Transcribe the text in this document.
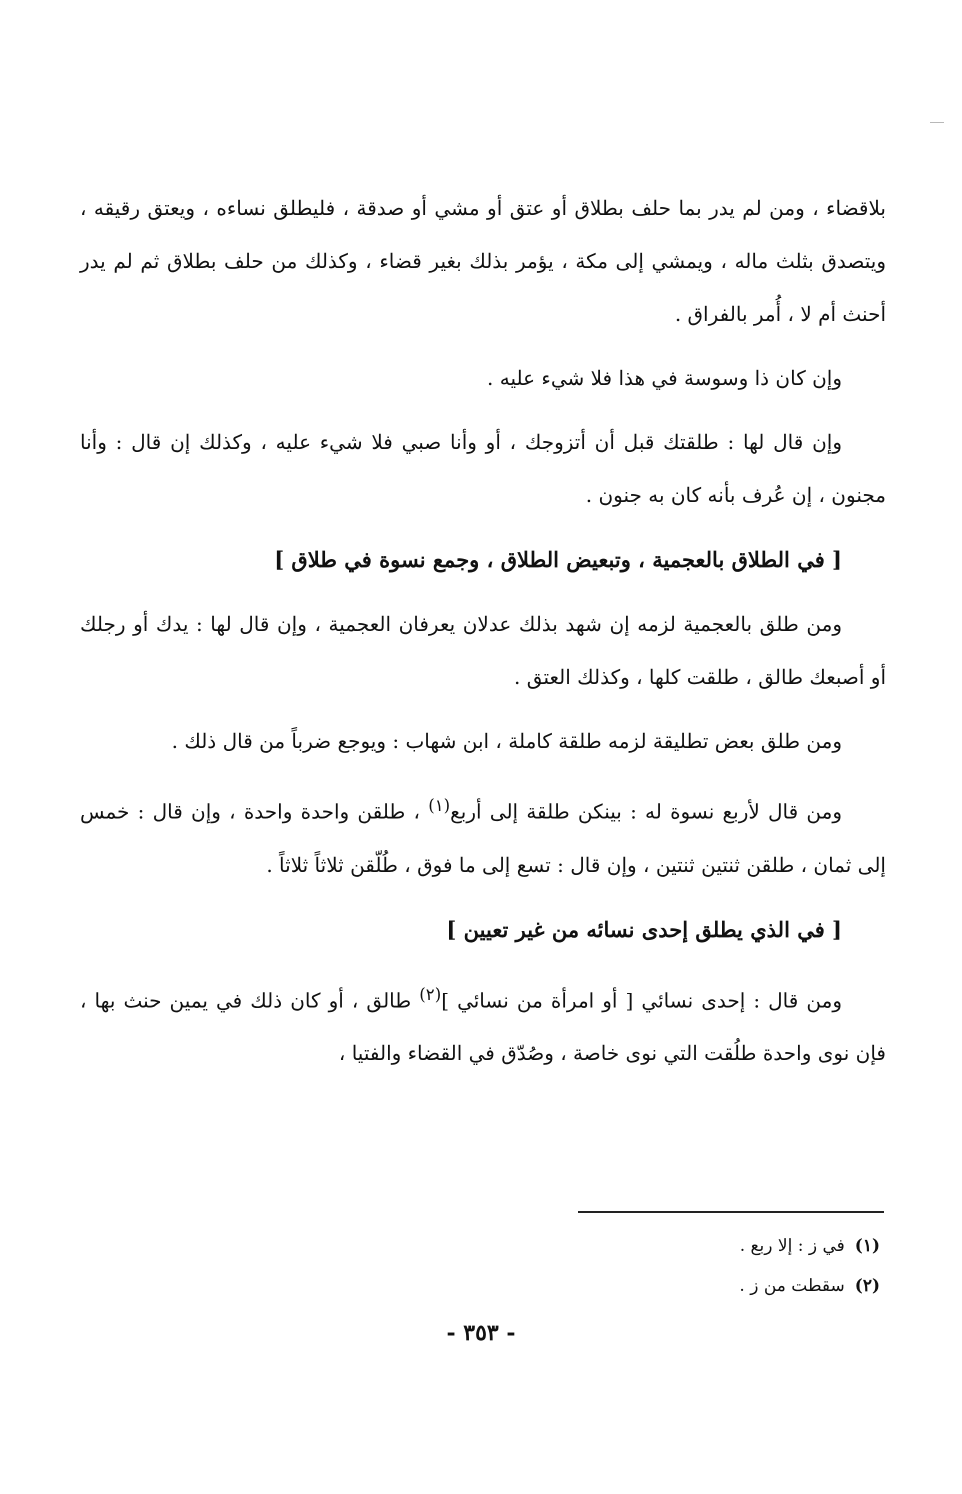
بلاقضاء ، ومن لم يدر بما حلف بطلاق أو عتق أو مشي أو صدقة ، فليطلق نساءه ، ويعتق رقيقه ، ويتصدق بثلث ماله ، ويمشي إلى مكة ، يؤمر بذلك بغير قضاء ، وكذلك من حلف بطلاق ثم لم يدر أحنث أم لا ، أُمر بالفراق .

وإن كان ذا وسوسة في هذا فلا شيء عليه .

وإن قال لها : طلقتك قبل أن أتزوجك ، أو وأنا صبي فلا شيء عليه ، وكذلك إن قال : وأنا مجنون ، إن عُرف بأنه كان به جنون .

[ في الطلاق بالعجمية ، وتبعيض الطلاق ، وجمع نسوة في طلاق ]

ومن طلق بالعجمية لزمه إن شهد بذلك عدلان يعرفان العجمية ، وإن قال لها : يدك أو رجلك أو أصبعك طالق ، طلقت كلها ، وكذلك العتق .

ومن طلق بعض تطليقة لزمه طلقة كاملة ، ابن شهاب : ويوجع ضرباً من قال ذلك .

ومن قال لأربع نسوة له : بينكن طلقة إلى أربع$^{(١)}$ ، طلقن واحدة واحدة ، وإن قال : خمس إلى ثمان ، طلقن ثنتين ثنتين ، وإن قال : تسع إلى ما فوق ، طُلّقن ثلاثاً ثلاثاً .

[ في الذي يطلق إحدى نسائه من غير تعيين ]

ومن قال : إحدى نسائي [ أو امرأة من نسائي ]$^{(٢)}$ طالق ، أو كان ذلك في يمين حنث بها ، فإن نوى واحدة طلُقت التي نوى خاصة ، وصُدّق في القضاء والفتيا ،

(١)في ز : إلا ربع .

(٢)سقطت من ز .

- ٣٥٣ -
